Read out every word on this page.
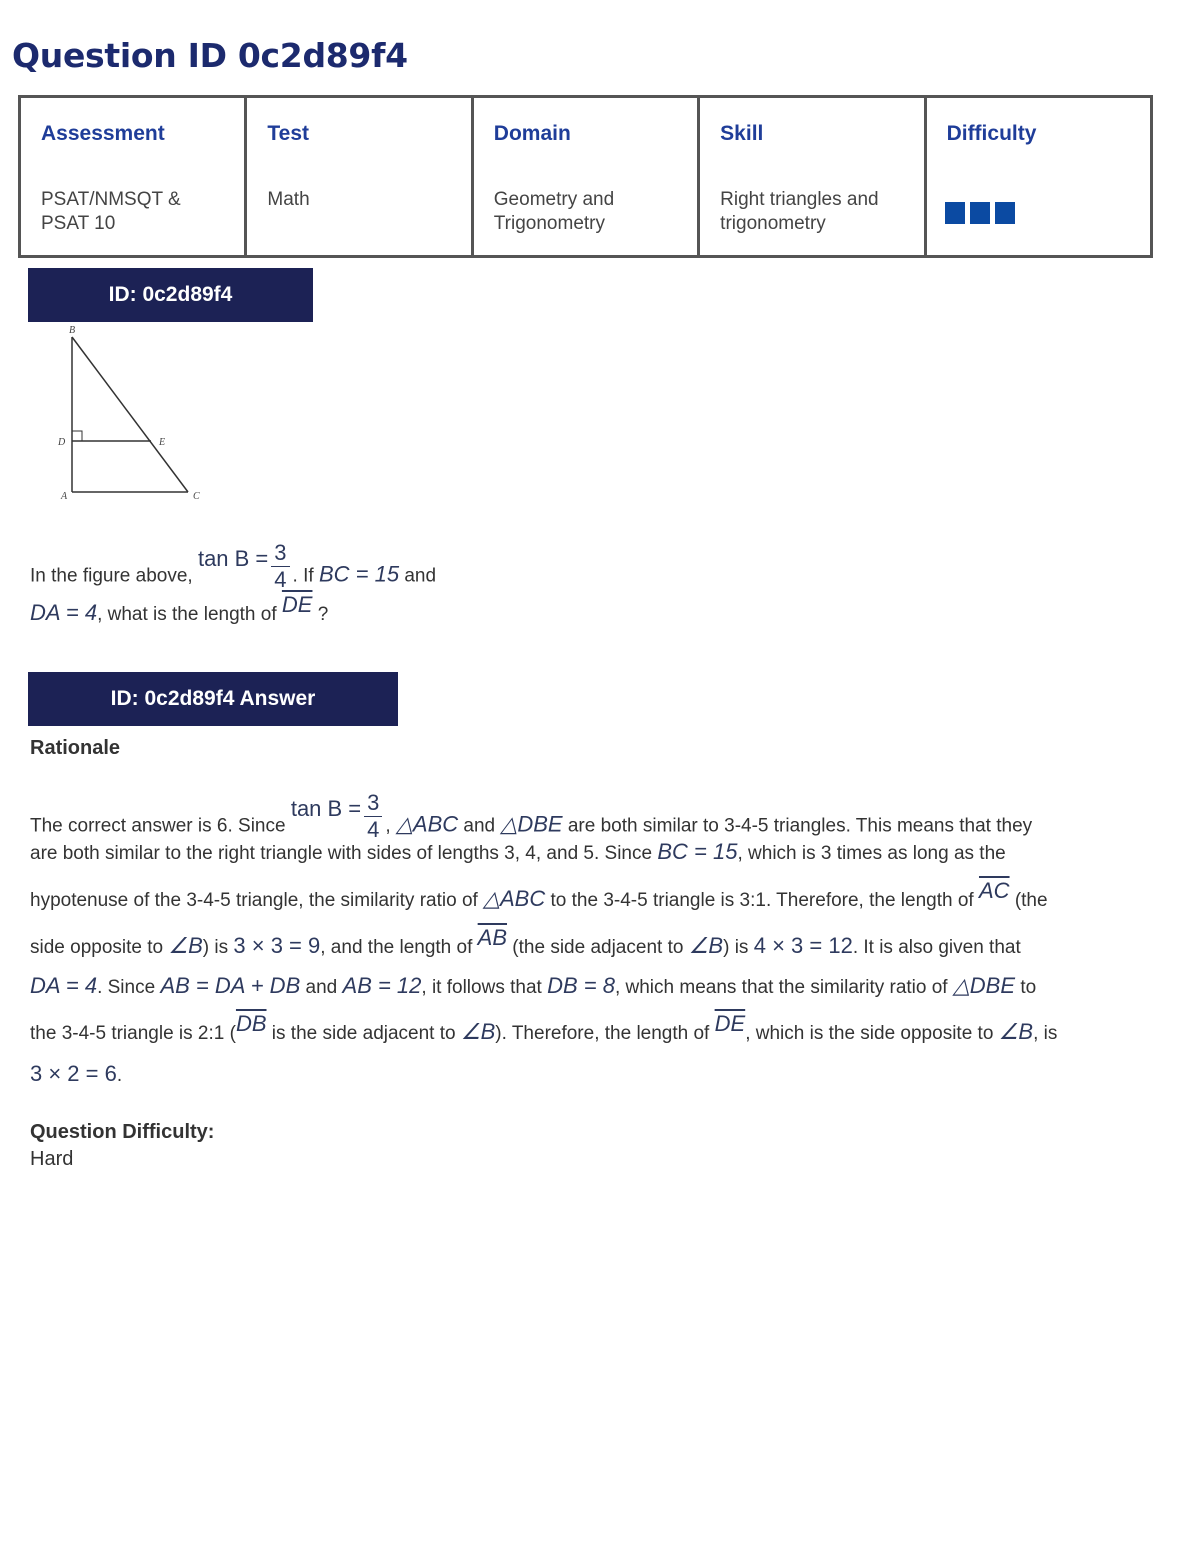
Question ID 0c2d89f4
Assessment
PSAT/NMSQT & PSAT 10

Test
Math

Domain
Geometry and Trigonometry

Skill
Right triangles and trigonometry

Difficulty
ID: 0c2d89f4
B
D	E
A	C
In the figure above, $\tan B = \frac{3}{4}$ . If BC = 15 and
DA = 4, what is the length of $\overline{DE}$ ?
ID: 0c2d89f4 Answer
Rationale
The correct answer is 6. Since $\tan B = \frac{3}{4}$ , △ABC and △DBE are both similar to 3-4-5 triangles. This means that they
are both similar to the right triangle with sides of lengths 3, 4, and 5. Since BC = 15, which is 3 times as long as the
hypotenuse of the 3-4-5 triangle, the similarity ratio of △ABC to the 3-4-5 triangle is 3:1. Therefore, the length of $\overline{AC}$ (the
side opposite to ∠B) is 3 × 3 = 9, and the length of $\overline{AB}$ (the side adjacent to ∠B) is 4 × 3 = 12. It is also given that
DA = 4. Since AB = DA + DB and AB = 12, it follows that DB = 8, which means that the similarity ratio of △DBE to
the 3-4-5 triangle is 2:1 ($\overline{DB}$ is the side adjacent to ∠B). Therefore, the length of $\overline{DE}$, which is the side opposite to ∠B, is
3 × 2 = 6.
Question Difficulty:
Hard
